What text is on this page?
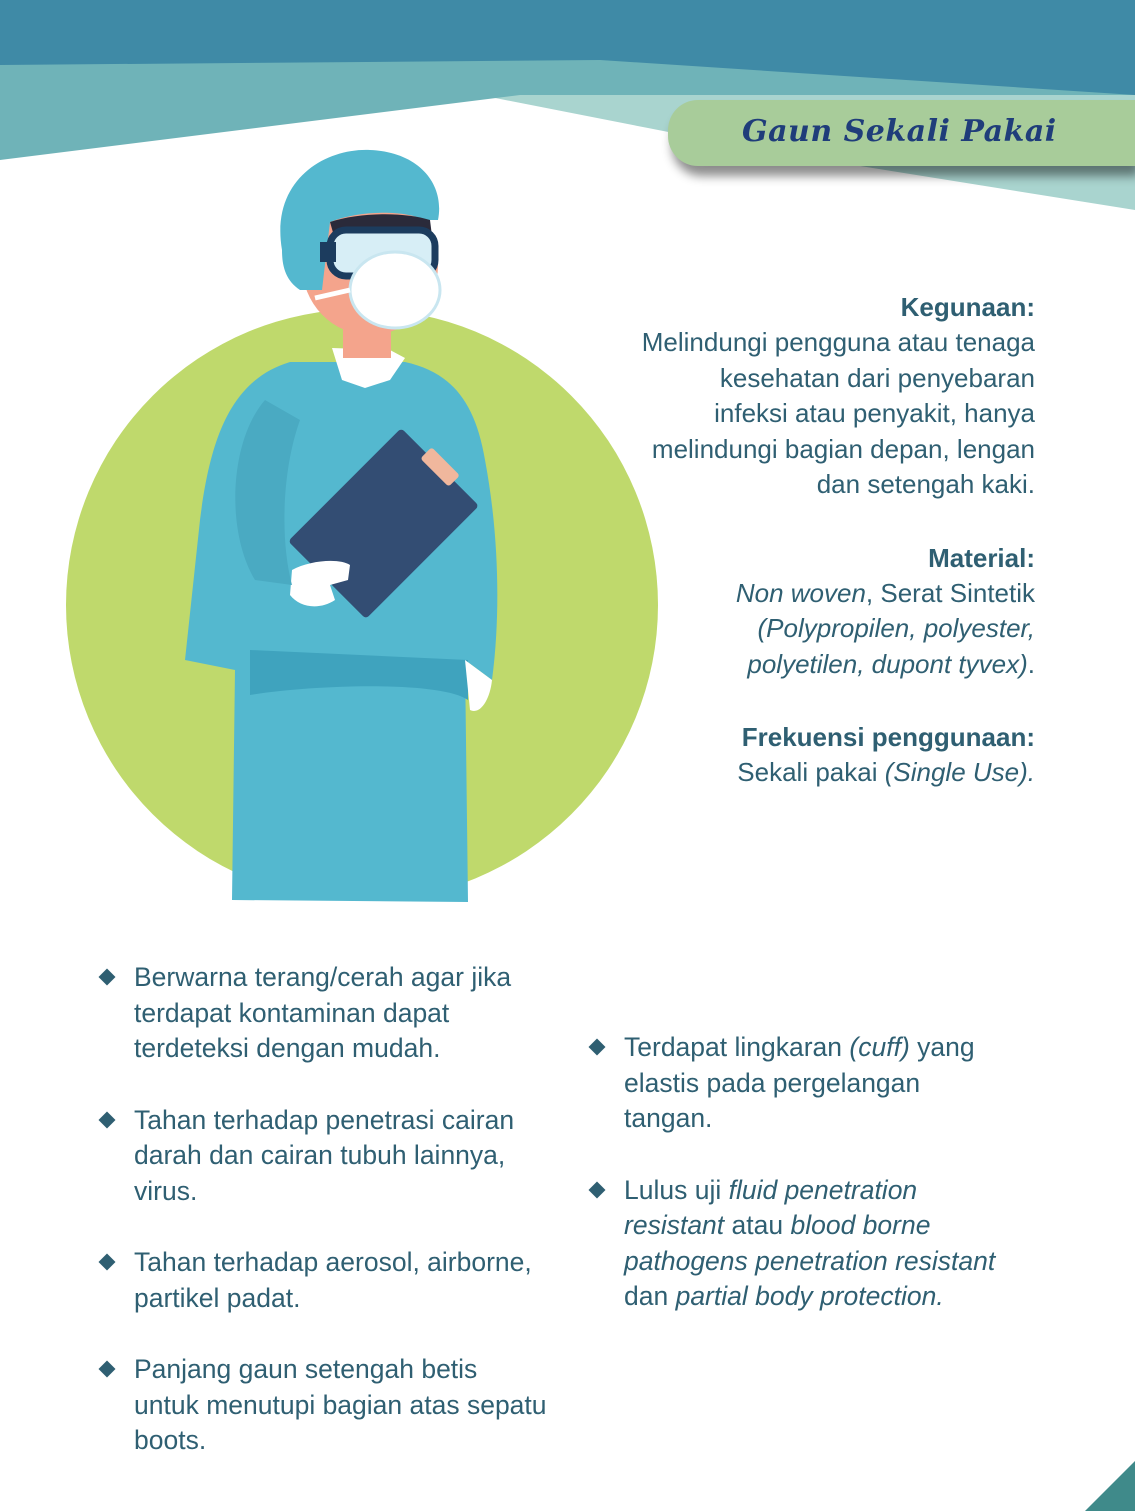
Gaun Sekali Pakai
Kegunaan:
Melindungi pengguna atau tenaga kesehatan dari penyebaran infeksi atau penyakit, hanya melindungi bagian depan, lengan dan setengah kaki.
Material:
Non woven, Serat Sintetik (Polypropilen, polyester, polyetilen, dupont tyvex).
Frekuensi penggunaan:
Sekali pakai (Single Use).
Berwarna terang/cerah agar jika terdapat kontaminan dapat terdeteksi dengan mudah.
Tahan terhadap penetrasi cairan darah dan cairan tubuh lainnya, virus.
Tahan terhadap aerosol, airborne, partikel padat.
Panjang gaun setengah betis untuk menutupi bagian atas sepatu boots.
Terdapat lingkaran (cuff) yang elastis pada pergelangan tangan.
Lulus uji fluid penetration resistant atau blood borne pathogens penetration resistant dan partial body protection.
